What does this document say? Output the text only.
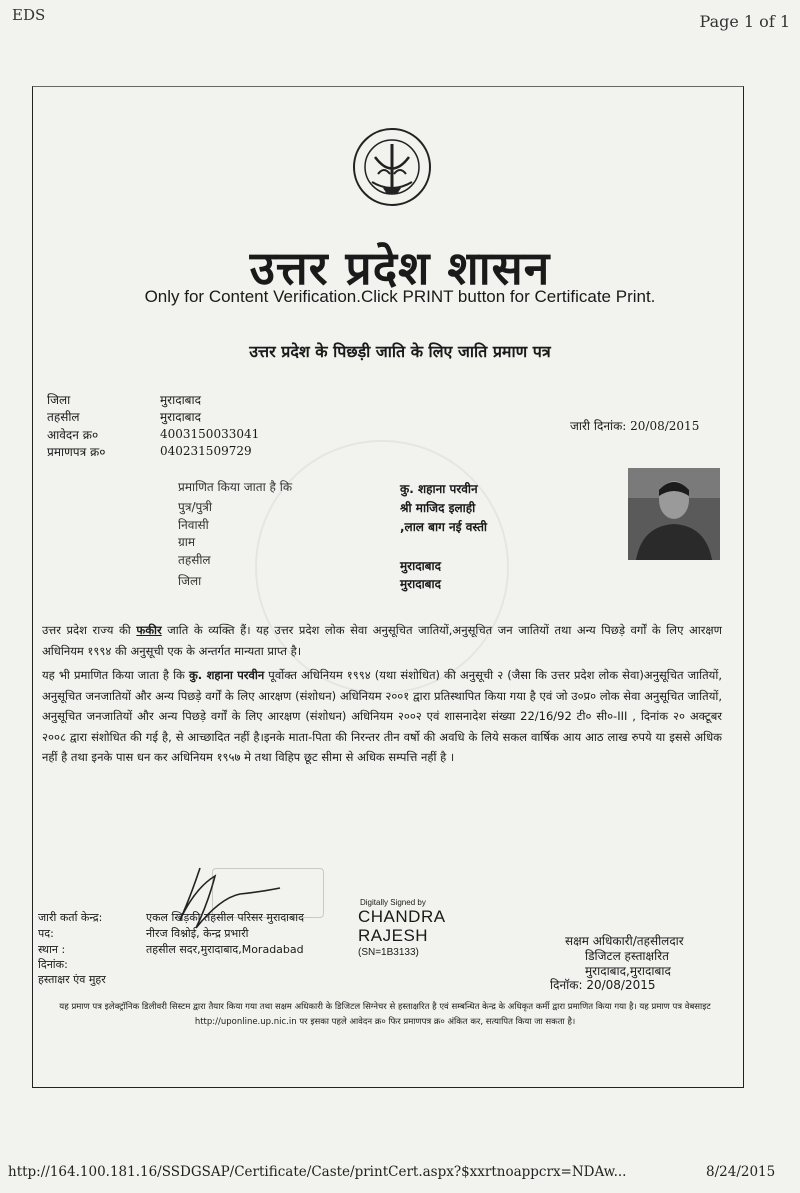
EDS	Page 1 of 1
उत्तर प्रदेश शासन
Only for Content Verification.Click PRINT button for Certificate Print.
उत्तर प्रदेश के पिछड़ी जाति के लिए जाति प्रमाण पत्र
जिला	मुरादाबाद
तहसील	मुरादाबाद
आवेदन क्र०	4003150033041
प्रमाणपत्र क्र०	040231509729
जारी दिनांक: 20/08/2015
प्रमाणित किया जाता है कि	कु. शहाना परवीन
पुत्र/पुत्री	श्री माजिद इलाही
निवासी	,लाल बाग नई वस्ती
ग्राम
तहसील	मुरादाबाद
जिला	मुरादाबाद
उत्तर प्रदेश राज्य की फकीर जाति के व्यक्ति हैं। यह उत्तर प्रदेश लोक सेवा अनुसूचित जातियों,अनुसूचित जन जातियों तथा अन्य पिछड़े वर्गों के लिए आरक्षण अधिनियम १९९४ की अनुसूची एक के अन्तर्गत मान्यता प्राप्त है।
यह भी प्रमाणित किया जाता है कि कु. शहाना परवीन पूर्वोक्त अधिनियम १९९४ (यथा संशोधित) की अनुसूची २ (जैसा कि उत्तर प्रदेश लोक सेवा)अनुसूचित जातियों, अनुसूचित जनजातियों और अन्य पिछड़े वर्गों के लिए आरक्षण (संशोधन) अधिनियम २००१ द्वारा प्रतिस्थापित किया गया है एवं जो उ०प्र० लोक सेवा अनुसूचित जातियों, अनुसूचित जनजातियों और अन्य पिछड़े वर्गों के लिए आरक्षण (संशोधन) अधिनियम २००२ एवं शासनादेश संख्या 22/16/92 टी० सी०-III , दिनांक २० अक्टूबर २००८ द्वारा संशोधित की गई है, से आच्छादित नहीं है।इनके माता-पिता की निरन्तर तीन वर्षो की अवधि के लिये सकल वार्षिक आय आठ लाख रुपये या इससे अधिक नहीं है तथा इनके पास धन कर अधिनियम १९५७ मे तथा विहिप छूट सीमा से अधिक सम्पत्ति नहीं है ।
जारी कर्ता केन्द्र:	एकल खिड़की तहसील परिसर मुरादाबाद
पद:	नीरज विश्नोई, केन्द्र प्रभारी
स्थान :	तहसील सदर,मुरादाबाद,Moradabad
दिनांक:
हस्ताक्षर एंव मुहर
Digitally Signed by
CHANDRA
RAJESH
(SN=1B3133)
सक्षम अधिकारी/तहसीलदार
डिजिटल हस्ताक्षरित
मुरादाबाद,मुरादाबाद
दिनॉक: 20/08/2015
यह प्रमाण पत्र इलेक्ट्रॉनिक डिलीवरी सिस्टम द्वारा तैयार किया गया तथा सक्षम अधिकारी के डिजिटल सिग्नेचर से हस्ताक्षरित है एवं सम्बन्धित केन्द्र के अधिकृत कर्मी द्वारा प्रमाणित किया गया है। यह प्रमाण पत्र वेबसाइट http://uponline.up.nic.in पर इसका पहले आवेदन क्र० फिर प्रमाणपत्र क्र० अंकित कर, सत्यापित किया जा सकता है।
http://164.100.181.16/SSDGSAP/Certificate/Caste/printCert.aspx?$xxrtnoappcrx=NDAw...	8/24/2015
